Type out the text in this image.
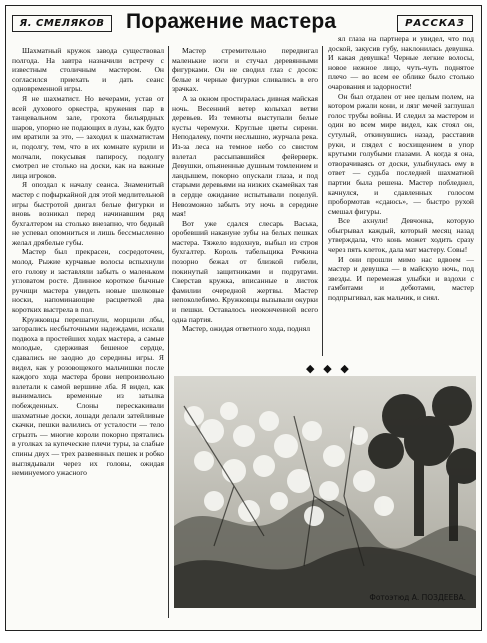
Я. СМЕЛЯКОВ	Поражение мастера	РАССКАЗ

Шахматный кружок завода существовал полгода. На завтра назначили встречу с известным столичным мастером. Он согласился приехать и дать сеанс одновременной игры.

Я не шахматист. Но вечерами, устав от всей духового оркестра, кружения пар в танцевальном зале, грохота бильярдных шаров, упорно не подающих в лузы, как будто им вратили за это, — заходил к шахматистам и, подолгу, тем, что в их комнате курили и молчали, покусывая папиросу, подолгу смотрел не столько на доски, как на важные лица игроков.

Я опоздал к началу сеанса. Знаменитый мастер с пофыркайной для этой медлительной игры быстротой двигал белые фигурки и вновь возникал перед начинавшим ряд бухгалтером на столько внезапно, что бедный не успевал опомниться и лишь бессмысленно желал дрябелые губы.

Мастер был прекрасен, сосредоточен, молод. Рыжие курчавые волосы вспыхнули его голову и заставляли забыть о маленьком угловатом росте. Длинное короткое бычные ручищи мастера увидеть новые шелковые носки, напоминающие расцветкой два коротких выстрела в пол.

Кружковцы перешагнули, морщили лбы, загорались несбыточными надеждами, искали подвоха в простейших ходах мастера, а самые молодые, сдерживая бешеное сердце, сдавались не заодно до середины игры. Я видел, как у розовощекого мальчишки после каждого хода мастера брови непроизвольно взлетали к самой вершине лба. Я видел, как вынимались временные из затылка побежденных. Слоны перескакивали шахматные доски, лошади делали затейливые скачки, пешки валились от усталости — тело сгрызть — многие короли покорно прятались в уголках за купеческие плечи туры, за слабые спины двух — трех развеянных пешек и робко выглядывали через их головы, ожидая неминуемого ужасного

Мастер стремительно передвигал маленькие ноги и стучал деревянными фигурками. Он не сводил глаз с досок: белые и черные фигурки сливались в его зрачках.

А за окном простиралась дивная майская ночь. Весенний ветер колыхал ветви деревьев. Из темноты выступали белые кусты черемухи. Круглые цветы сирени. Неподалеку, почти неслышно, журчала река. Из-за леса на темное небо со свистом взлетал рассыпавшийся фейерверк. Девушки, опьяненные душным томлением и ландышем, покорно опускали глаза, и под старыми деревьями на низких скамейках тая в сердце ожидание испытывали поцелуй. Невозможно забыть эту ночь в середине мая!

Вот уже сдался слесарь Васька, оробевший накануне зубы на белых пешках мастера. Тяжело вздохнув, выбыл из строя бухгалтер. Король табельщика Речкина позорно бежал от близкой гибели, покинутый защитниками и подругами. Сверстав кружка, вписанные в листок фамилии очередной жертвы. Мастер непоколебимо. Кружковцы вызывали окурки и пешки. Оставалось неоконченной всего одна партия.

Мастер, ожидая ответного хода, поднял

ял глаза на партнера и увидел, что под доской, закусив губу, наклонилась девушка. И какая девушка! Черные легкие волосы, новое нежное лицо, чуть-чуть поднятое плечо — во всем ее облике было столько очарования и задорности!

Он был отдален от нее целым полем, на котором ржали кони, и лязг мечей заглушал голос трубы войны. И следил за мастером и один во всем мире видел, как стоял он, сутулый, откинувшись назад, расставив руки, и глядел с восхищением в упор крутыми голубыми глазами. А когда я она, отворачиваясь от доски, улыбнулась ему в ответ — судьба последней шахматной партии была решена. Мастер побледнел, качнулся, и сдавленных голосом пробормотав «сдаюсь», — быстро рухой смешал фигуры.

Все ахнули! Девчонка, которую обыгрывал каждый, который месяц назад утверждала, что конь может ходить сразу через пять клеток, дала мат мастеру. Совы!

И они прошли мимо нас вдвоем — мастер и девушка — в майскую ночь, под звезды. И перемежая улыбки и вздохи с гамбитами и дебютами, мастер подпрыгивал, как мальчик, и сиял.

◆ ◆ ◆
Фотоэтюд А. ПОЗДЕЕВА.
